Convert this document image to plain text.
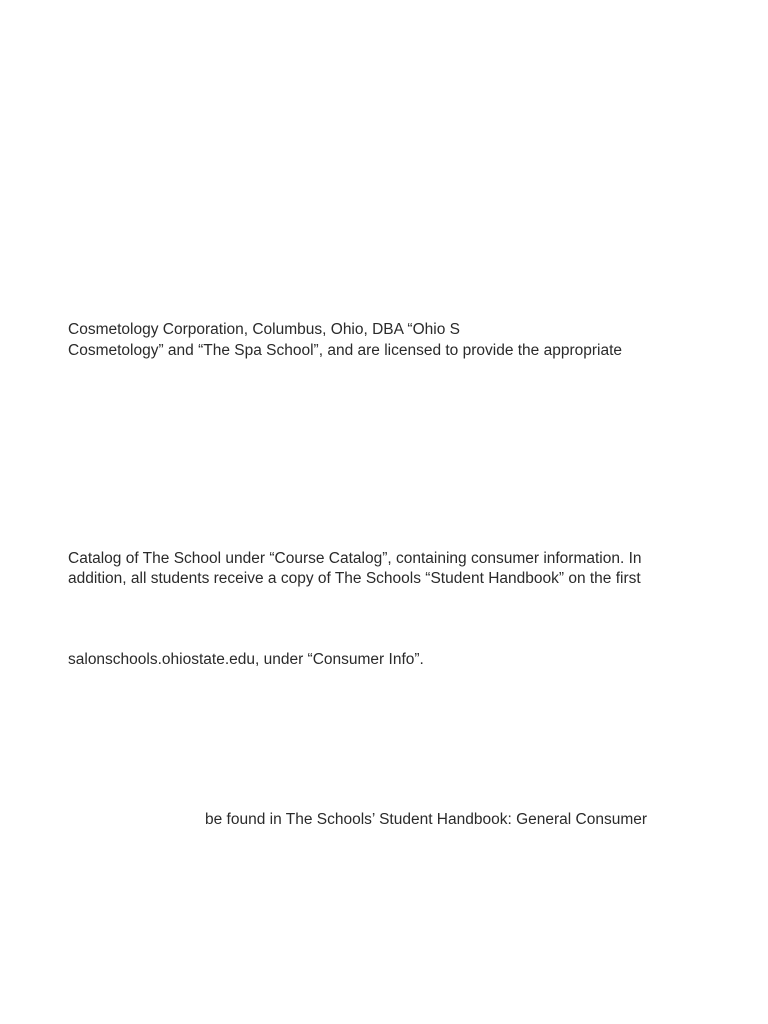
Cosmetology Corporation, Columbus, Ohio, DBA “Ohio S
Cosmetology” and “The Spa School”, and are licensed to provide the appropriate
Catalog of The School under “Course Catalog”, containing consumer information. In
addition, all students receive a copy of The Schools “Student Handbook” on the first
salonschools.ohiostate.edu, under “Consumer Info”.
be found in The Schools’ Student Handbook: General Consumer
